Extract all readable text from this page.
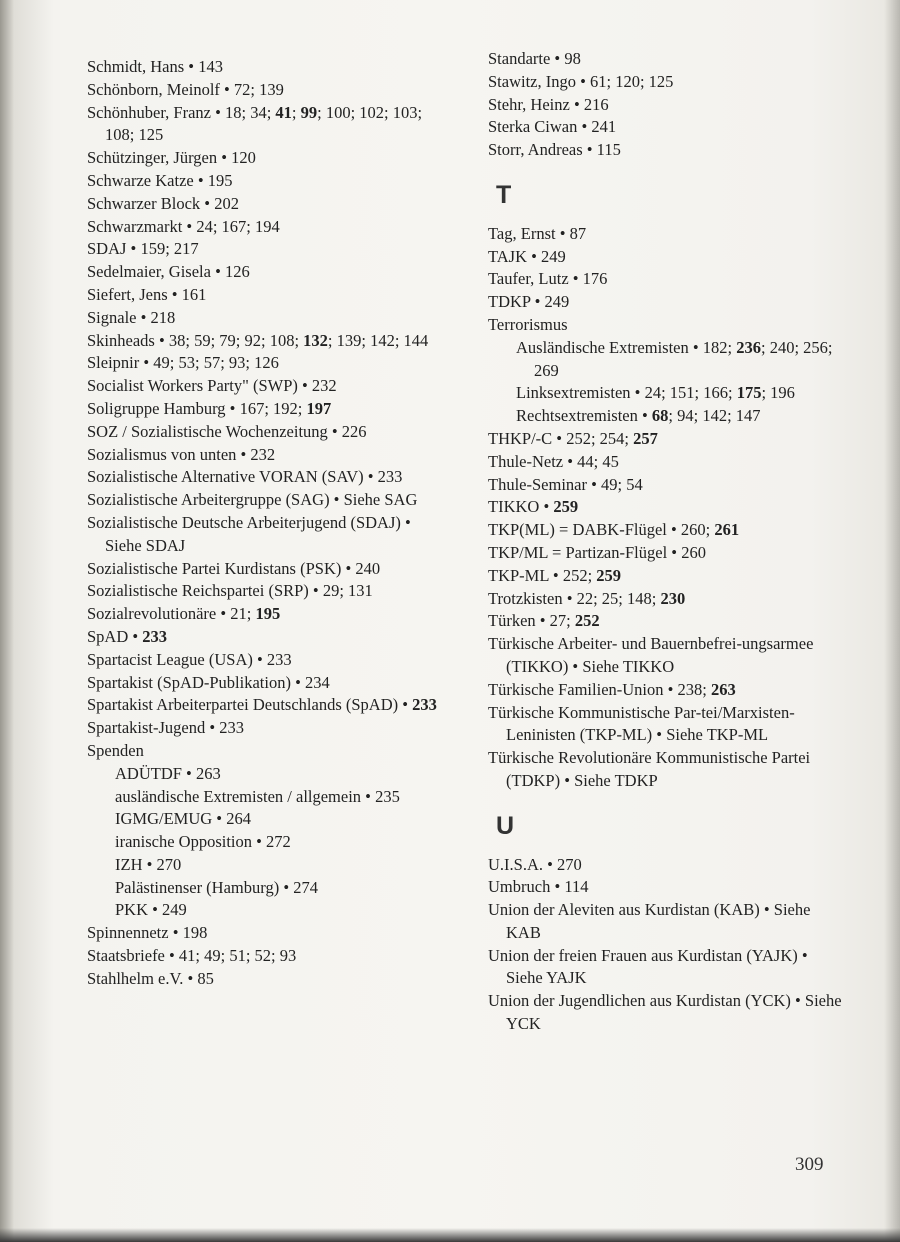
Schmidt, Hans • 143

Schönborn, Meinolf • 72; 139

Schönhuber, Franz • 18; 34; 41; 99; 100; 102; 103; 108; 125

Schützinger, Jürgen • 120

Schwarze Katze • 195

Schwarzer Block • 202

Schwarzmarkt • 24; 167; 194

SDAJ • 159; 217

Sedelmaier, Gisela • 126

Siefert, Jens • 161

Signale • 218

Skinheads • 38; 59; 79; 92; 108; 132; 139; 142; 144

Sleipnir • 49; 53; 57; 93; 126

Socialist Workers Party" (SWP) • 232

Soligruppe Hamburg • 167; 192; 197

SOZ / Sozialistische Wochenzeitung • 226

Sozialismus von unten • 232

Sozialistische Alternative VORAN (SAV) • 233

Sozialistische Arbeitergruppe (SAG) • Siehe SAG

Sozialistische Deutsche Arbeiterjugend (SDAJ) • Siehe SDAJ

Sozialistische Partei Kurdistans (PSK) • 240

Sozialistische Reichspartei (SRP) • 29; 131

Sozialrevolutionäre • 21; 195

SpAD • 233

Spartacist League (USA) • 233

Spartakist (SpAD-Publikation) • 234

Spartakist Arbeiterpartei Deutschlands (SpAD) • 233

Spartakist-Jugend • 233

Spenden

ADÜTDF • 263

ausländische Extremisten / allgemein • 235

IGMG/EMUG • 264

iranische Opposition • 272

IZH • 270

Palästinenser (Hamburg) • 274

PKK • 249

Spinnennetz • 198

Staatsbriefe • 41; 49; 51; 52; 93

Stahlhelm e.V. • 85

Standarte • 98

Stawitz, Ingo • 61; 120; 125

Stehr, Heinz • 216

Sterka Ciwan • 241

Storr, Andreas • 115

T

Tag, Ernst • 87

TAJK • 249

Taufer, Lutz • 176

TDKP • 249

Terrorismus

Ausländische Extremisten • 182; 236; 240; 256; 269

Linksextremisten • 24; 151; 166; 175; 196

Rechtsextremisten • 68; 94; 142; 147

THKP/-C • 252; 254; 257

Thule-Netz • 44; 45

Thule-Seminar • 49; 54

TIKKO • 259

TKP(ML) = DABK-Flügel • 260; 261

TKP/ML = Partizan-Flügel • 260

TKP-ML • 252; 259

Trotzkisten • 22; 25; 148; 230

Türken • 27; 252

Türkische Arbeiter- und Bauernbefrei-ungsarmee (TIKKO) • Siehe TIKKO

Türkische Familien-Union • 238; 263

Türkische Kommunistische Par-tei/Marxisten-Leninisten (TKP-ML) • Siehe TKP-ML

Türkische Revolutionäre Kommunistische Partei (TDKP) • Siehe TDKP

U

U.I.S.A. • 270

Umbruch • 114

Union der Aleviten aus Kurdistan (KAB) • Siehe KAB

Union der freien Frauen aus Kurdistan (YAJK) • Siehe YAJK

Union der Jugendlichen aus Kurdistan (YCK) • Siehe YCK

309
